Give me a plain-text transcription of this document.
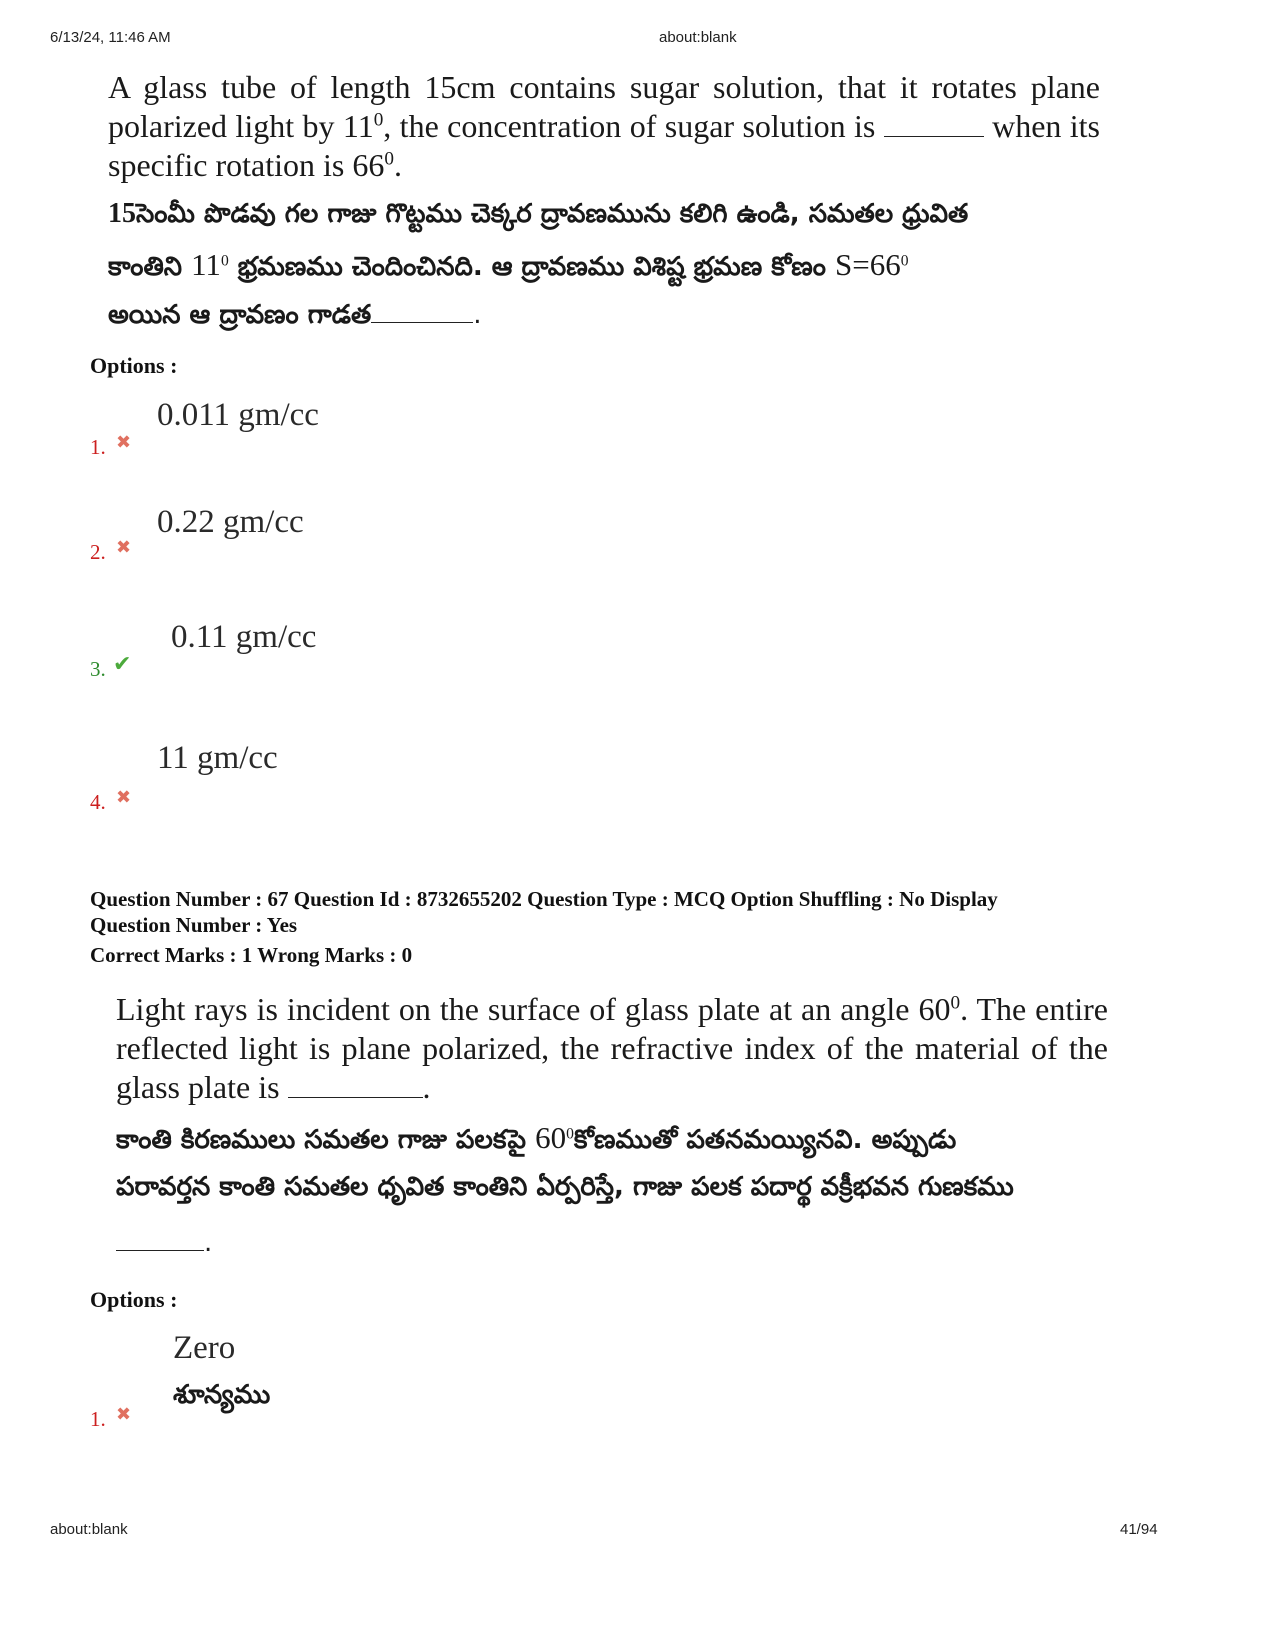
6/13/24, 11:46 AM	about:blank
A glass tube of length 15cm contains sugar solution, that it rotates plane polarized light by $11^0$, the concentration of sugar solution is	when its specific rotation is $66^0$.
15సెంమీ పొడవు గల గాజు గొట్టము చెక్కర ద్రావణమును కలిగి ఉండి, సమతల ధ్రువిత
కాంతిని $11^0$ భ్రమణము చెందించినది. ఆ ద్రావణము విశిష్ట భ్రమణ కోణం $S=66^0$
అయిన ఆ ద్రావణం గాడత	.
Options :
0.011 gm/cc
1. ✖
0.22 gm/cc
2. ✖
0.11 gm/cc
3. ✔
11 gm/cc
4. ✖
Question Number : 67 Question Id : 8732655202 Question Type : MCQ Option Shuffling : No Display
Question Number : Yes
Correct Marks : 1 Wrong Marks : 0
Light rays is incident on the surface of glass plate at an angle $60^0$. The entire reflected light is plane polarized, the refractive index of the material of the glass plate is	.
కాంతి కిరణములు సమతల గాజు పలకపై $60^0కోణముతో$ పతనమయ్యినవి. అప్పుడు
పరావర్తన కాంతి సమతల ధృవిత కాంతిని ఏర్పరిస్తే, గాజు పలక పదార్థ వక్రీభవన గుణకము
.
Options :
Zero
శూన్యము
1. ✖
about:blank	41/94
